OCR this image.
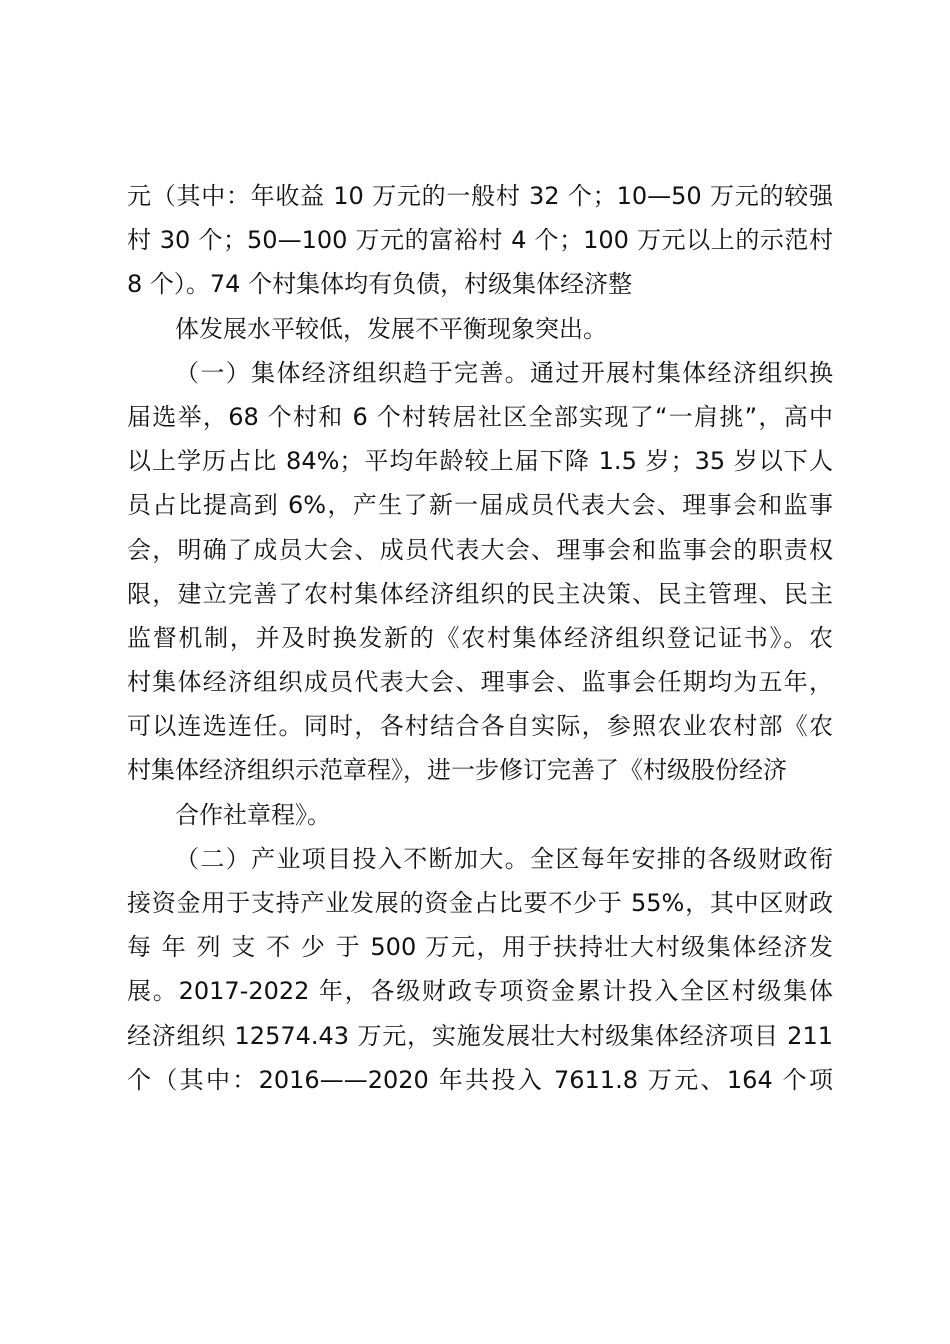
元（其中：年收益 10 万元的一般村 32 个；10—50 万元的较强
村 30 个；50—100 万元的富裕村 4 个；100 万元以上的示范村
8 个）。74 个村集体均有负债，村级集体经济整
体发展水平较低，发展不平衡现象突出。
（一）集体经济组织趋于完善。通过开展村集体经济组织换
届选举，68 个村和 6 个村转居社区全部实现了“一肩挑”，高中
以上学历占比 84%；平均年龄较上届下降 1.5 岁；35 岁以下人
员占比提高到 6%，产生了新一届成员代表大会、理事会和监事
会，明确了成员大会、成员代表大会、理事会和监事会的职责权
限，建立完善了农村集体经济组织的民主决策、民主管理、民主
监督机制，并及时换发新的《农村集体经济组织登记证书》。农
村集体经济组织成员代表大会、理事会、监事会任期均为五年，
可以连选连任。同时，各村结合各自实际，参照农业农村部《农
村集体经济组织示范章程》，进一步修订完善了《村级股份经济
合作社章程》。
（二）产业项目投入不断加大。全区每年安排的各级财政衔
接资金用于支持产业发展的资金占比要不少于 55%，其中区财政
每 年 列 支 不 少 于 500 万元，用于扶持壮大村级集体经济发
展。2017-2022 年，各级财政专项资金累计投入全区村级集体
经济组织 12574.43 万元，实施发展壮大村级集体经济项目 211
个（其中：2016——2020 年共投入 7611.8 万元、164 个项
